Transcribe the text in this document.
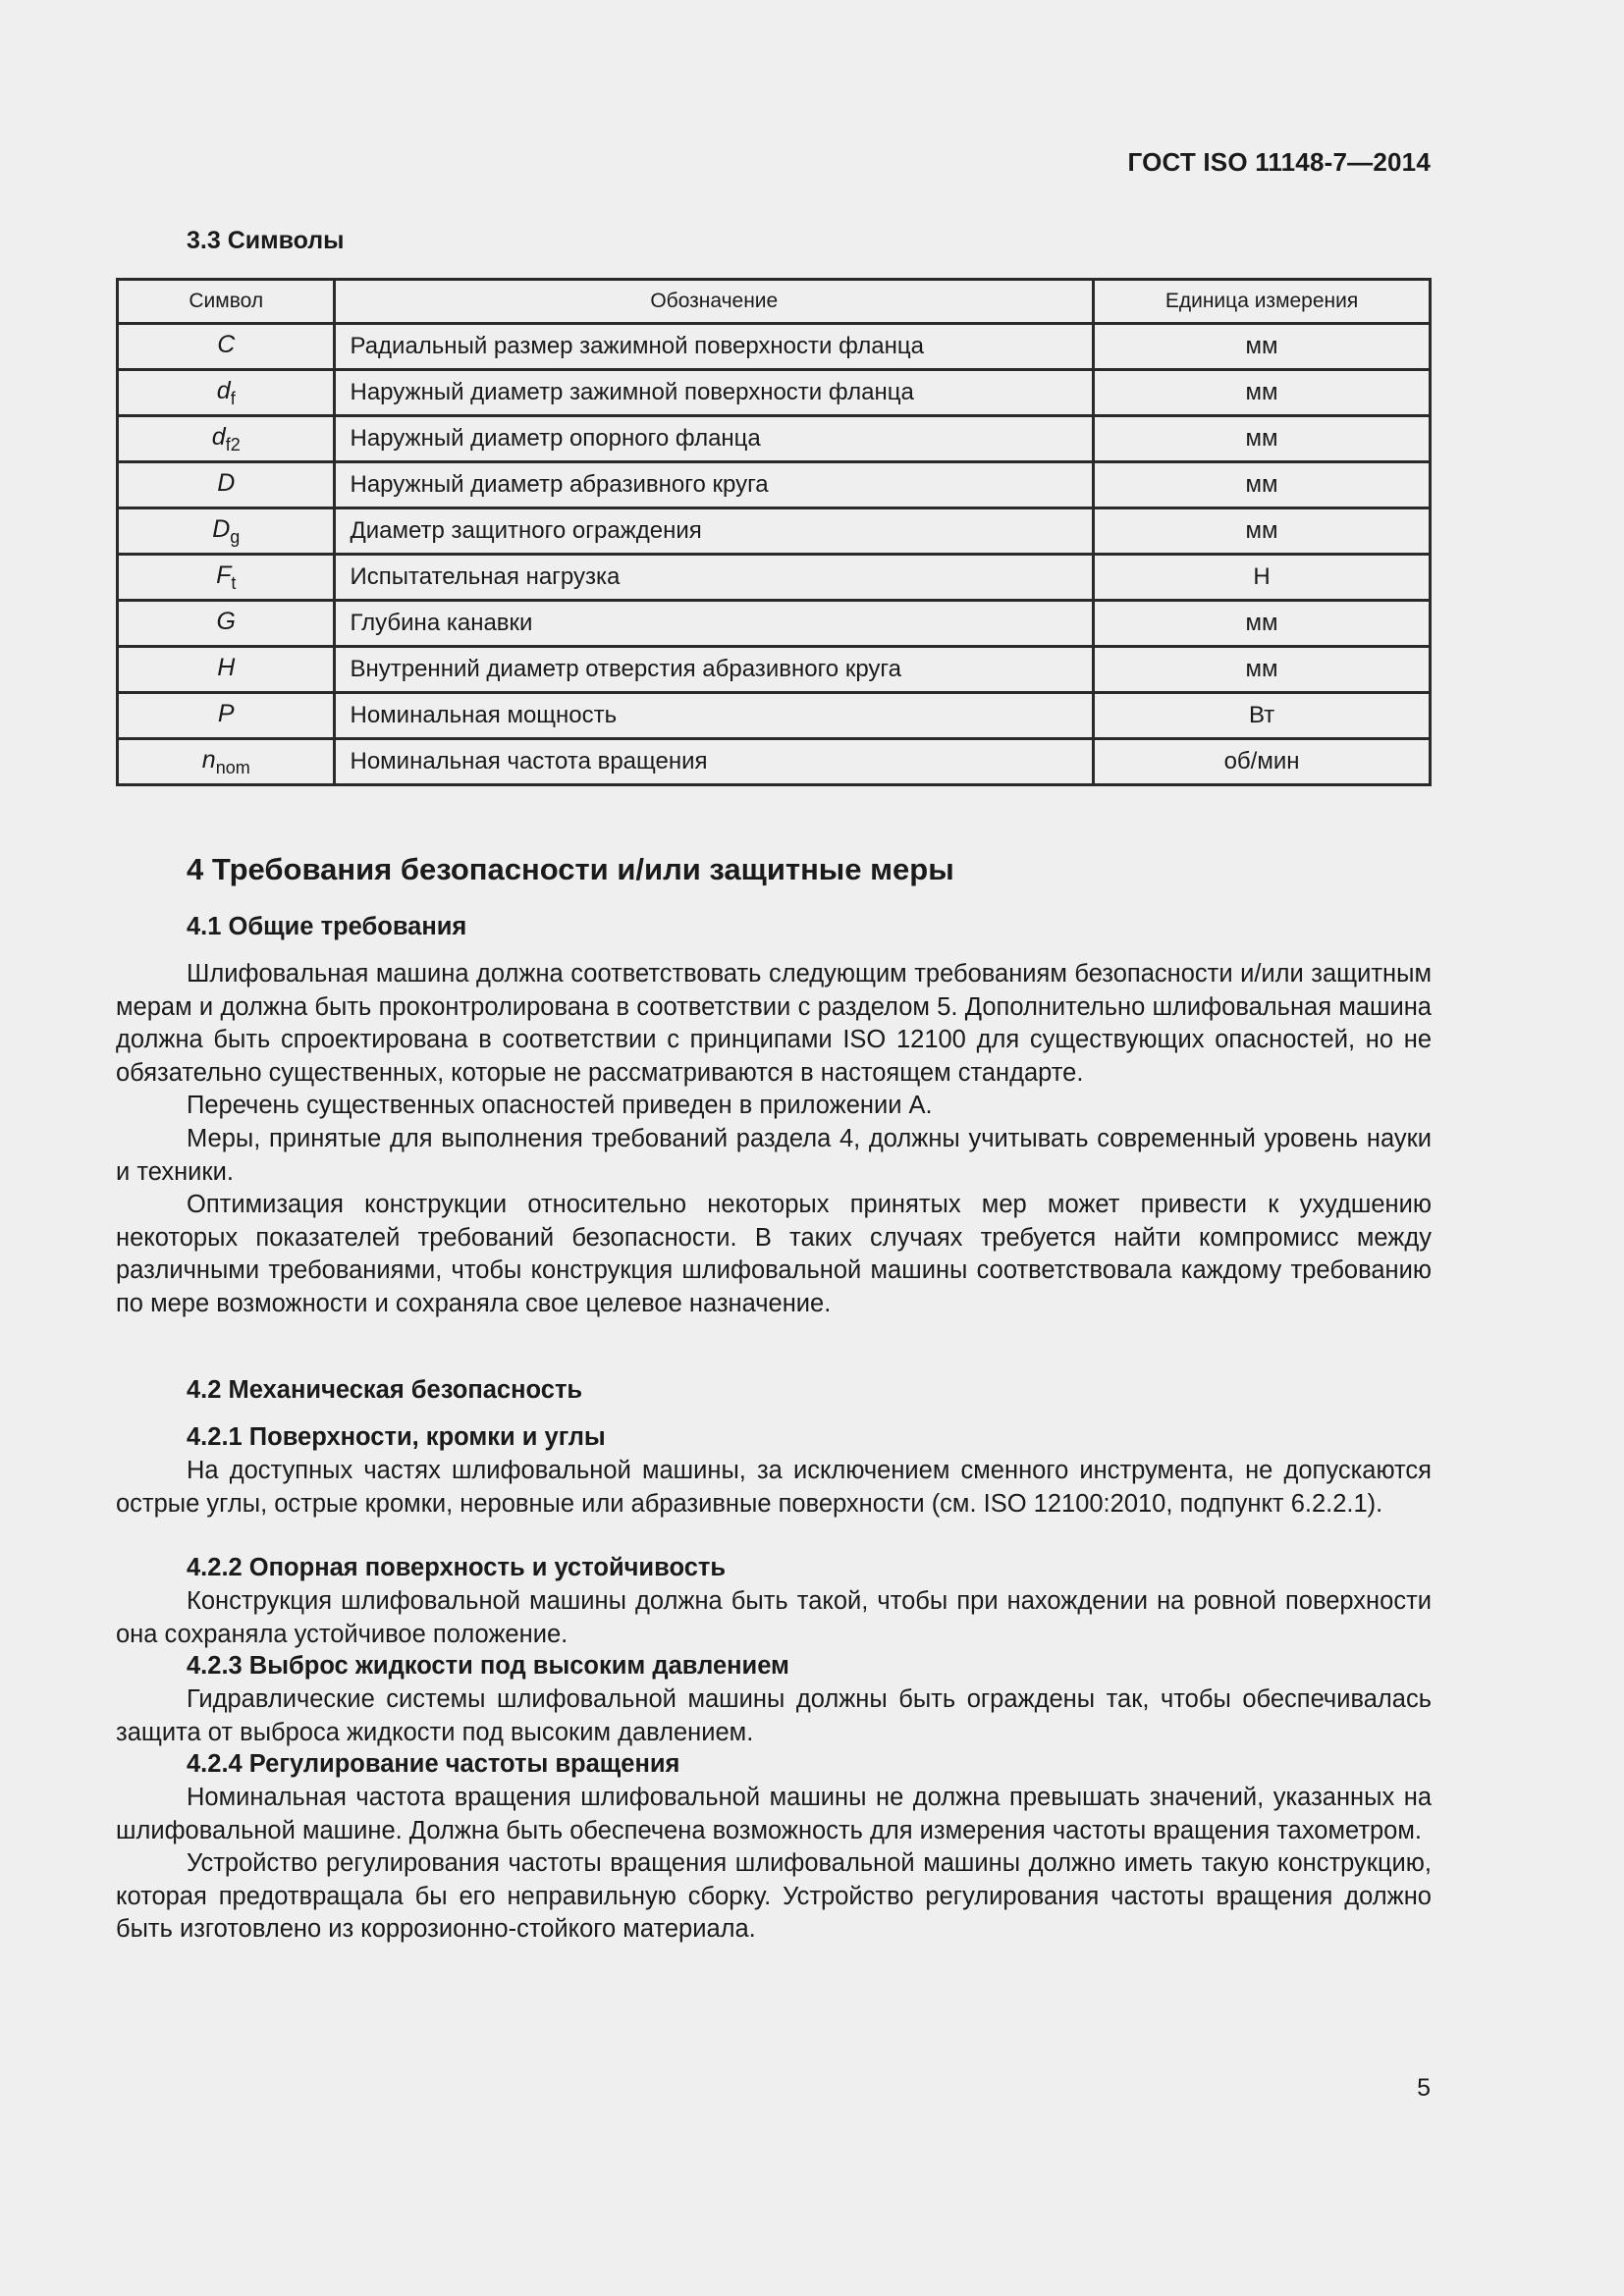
ГОСТ ISO 11148-7—2014
3.3 Символы
Символ	Обозначение	Единица измерения
C	Радиальный размер зажимной поверхности фланца	мм
$d_f$	Наружный диаметр зажимной поверхности фланца	мм
$d_{f2}$	Наружный диаметр опорного фланца	мм
D	Наружный диаметр абразивного круга	мм
$D_g$	Диаметр защитного ограждения	мм
$F_t$	Испытательная нагрузка	Н
G	Глубина канавки	мм
H	Внутренний диаметр отверстия абразивного круга	мм
P	Номинальная мощность	Вт
$n_{nom}$	Номинальная частота вращения	об/мин
4 Требования безопасности и/или защитные меры
4.1 Общие требования

Шлифовальная машина должна соответствовать следующим требованиям безопасности и/или защитным мерам и должна быть проконтролирована в соответствии с разделом 5. Дополнительно шлифовальная машина должна быть спроектирована в соответствии с принципами ISO 12100 для существующих опасностей, но не обязательно существенных, которые не рассматриваются в настоящем стандарте.

Перечень существенных опасностей приведен в приложении А.

Меры, принятые для выполнения требований раздела 4, должны учитывать современный уровень науки и техники.

Оптимизация конструкции относительно некоторых принятых мер может привести к ухудшению некоторых показателей требований безопасности. В таких случаях требуется найти компромисс между различными требованиями, чтобы конструкция шлифовальной машины соответствовала каждому требованию по мере возможности и сохраняла свое целевое назначение.

4.2 Механическая безопасность
4.2.1 Поверхности, кромки и углы

На доступных частях шлифовальной машины, за исключением сменного инструмента, не допускаются острые углы, острые кромки, неровные или абразивные поверхности (см. ISO 12100:2010, подпункт 6.2.2.1).

4.2.2 Опорная поверхность и устойчивость

Конструкция шлифовальной машины должна быть такой, чтобы при нахождении на ровной поверхности она сохраняла устойчивое положение.

4.2.3 Выброс жидкости под высоким давлением

Гидравлические системы шлифовальной машины должны быть ограждены так, чтобы обеспечивалась защита от выброса жидкости под высоким давлением.

4.2.4 Регулирование частоты вращения

Номинальная частота вращения шлифовальной машины не должна превышать значений, указанных на шлифовальной машине. Должна быть обеспечена возможность для измерения частоты вращения тахометром.

Устройство регулирования частоты вращения шлифовальной машины должно иметь такую конструкцию, которая предотвращала бы его неправильную сборку. Устройство регулирования частоты вращения должно быть изготовлено из коррозионно-стойкого материала.

5
